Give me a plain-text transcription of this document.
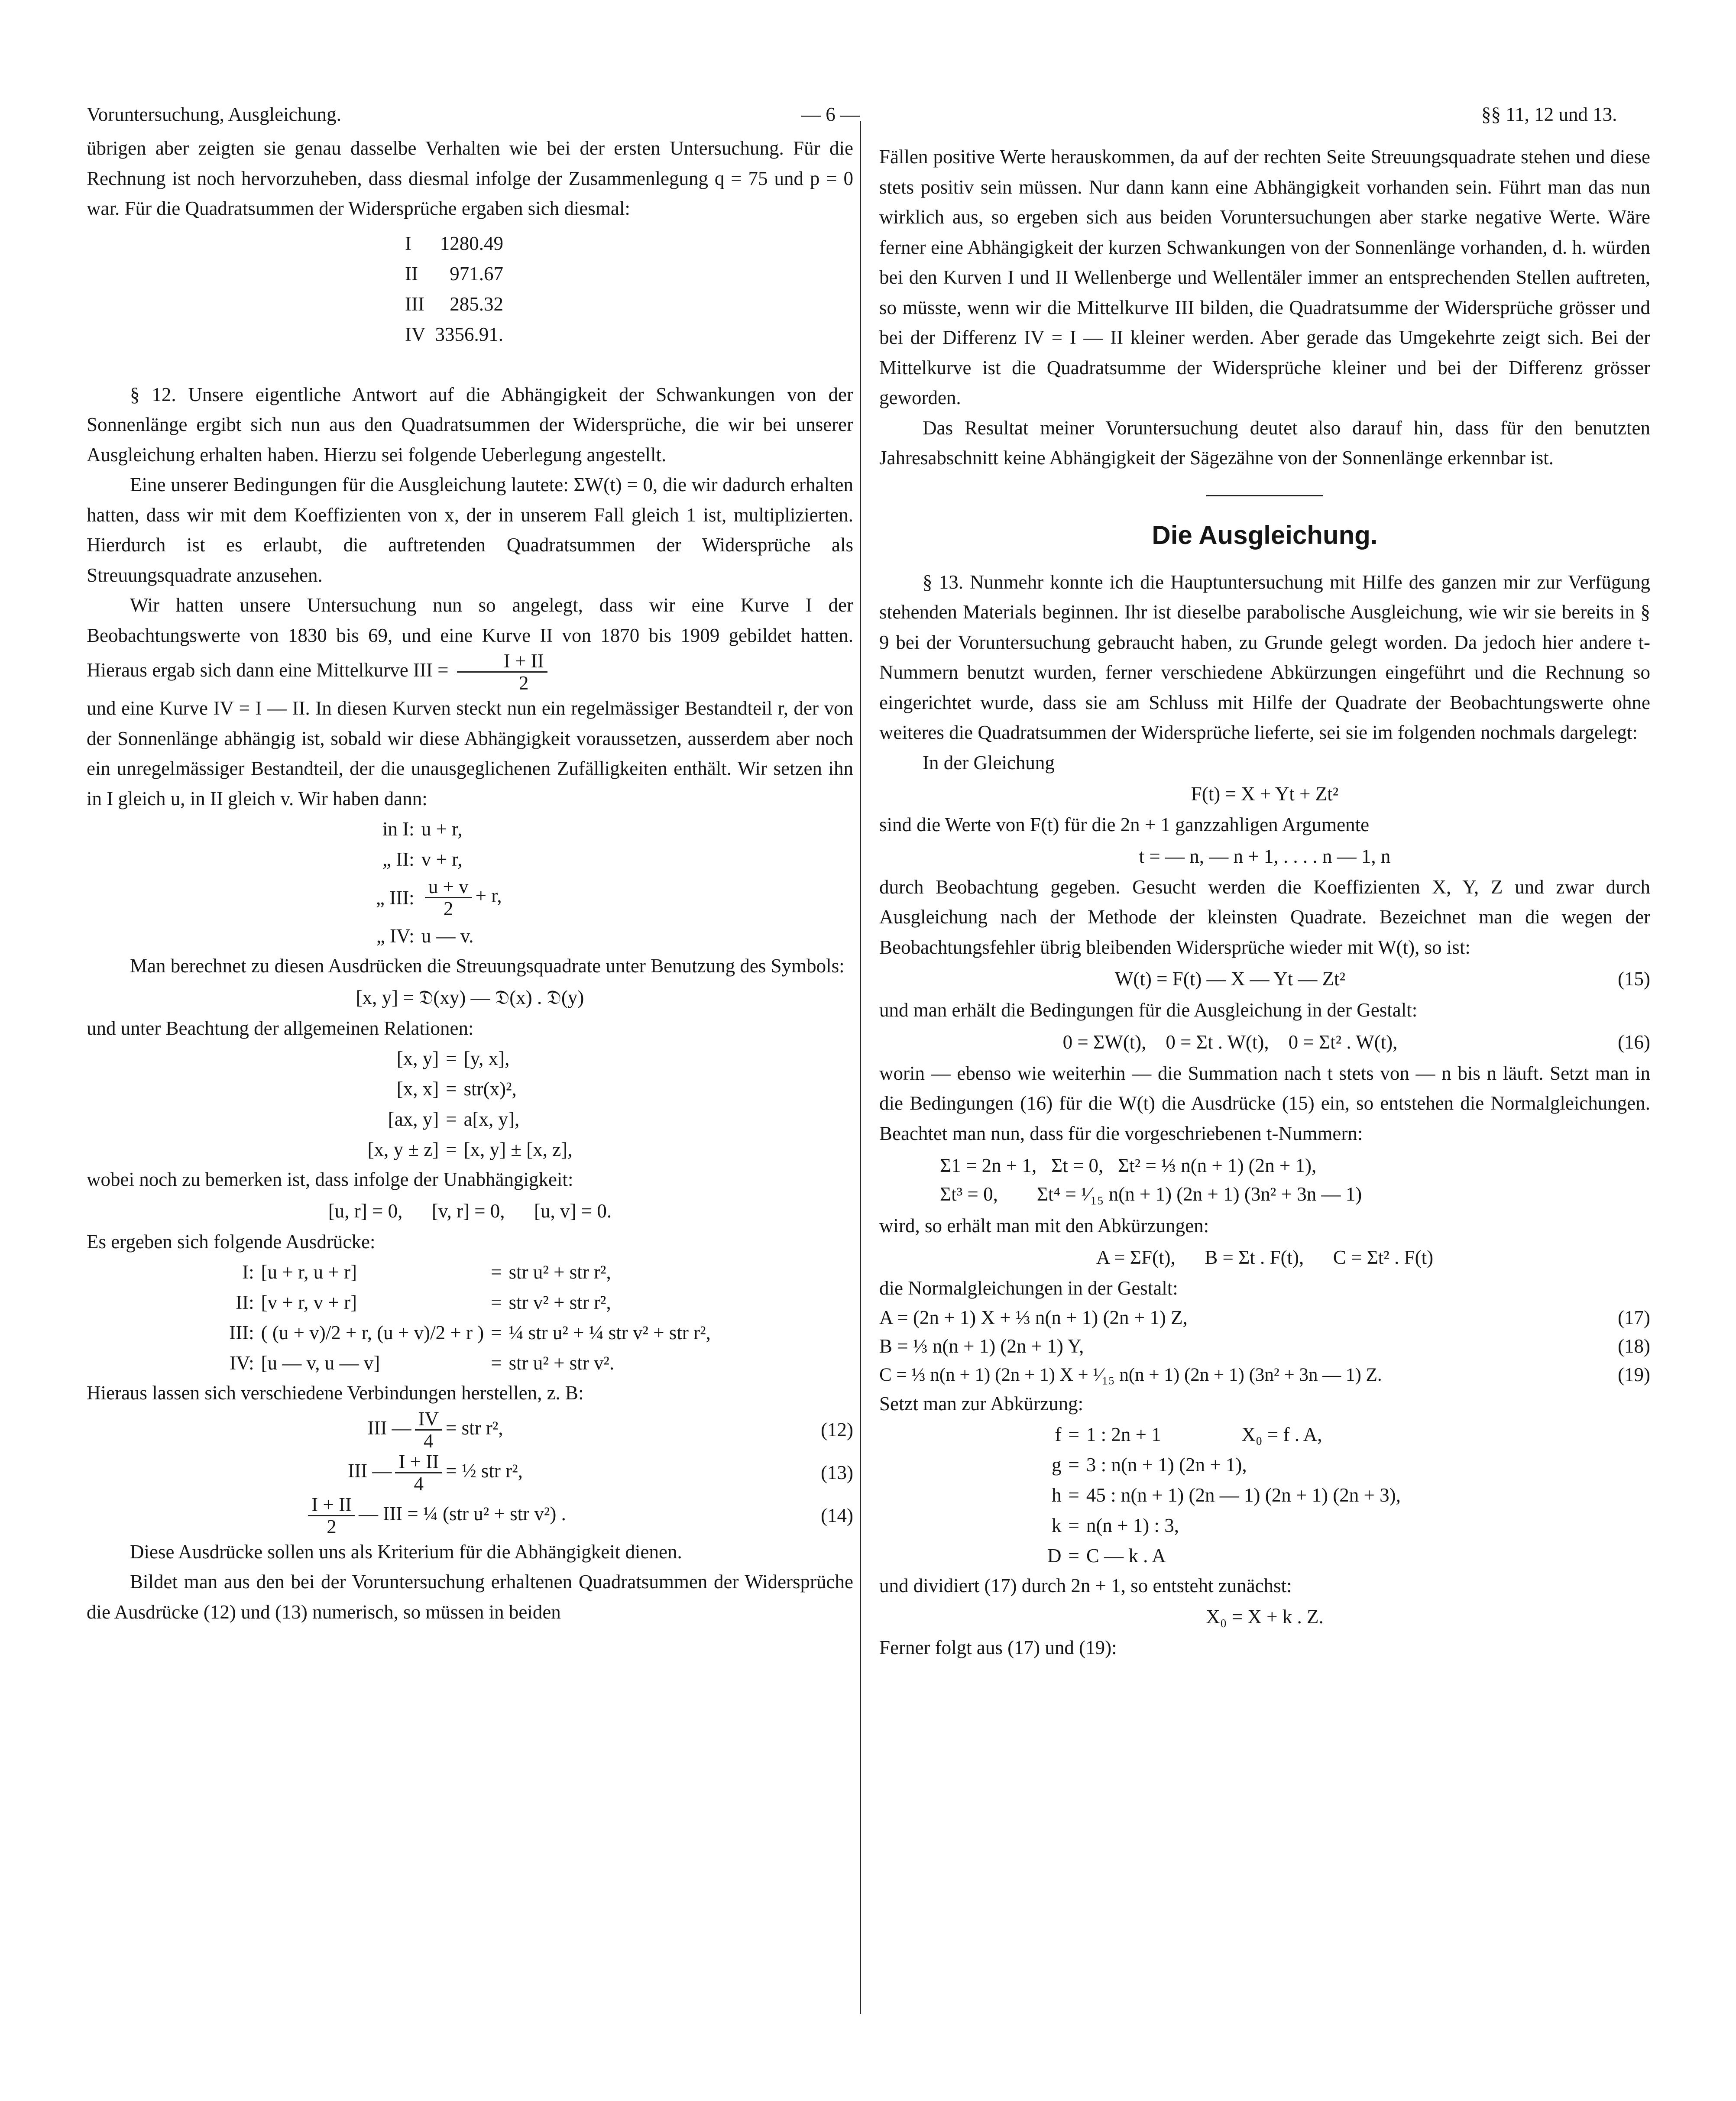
Voruntersuchung, Ausgleichung.	— 6 —	§§ 11, 12 und 13.

übrigen aber zeigten sie genau dasselbe Verhalten wie bei der ersten Untersuchung. Für die Rechnung ist noch hervorzuheben, dass diesmal infolge der Zusammenlegung q = 75 und p = 0 war. Für die Quadratsummen der Widersprüche ergaben sich diesmal:

I	1280.49
II	971.67
III	285.32
IV	3356.91.

§ 12. Unsere eigentliche Antwort auf die Abhängigkeit der Schwankungen von der Sonnenlänge ergibt sich nun aus den Quadratsummen der Widersprüche, die wir bei unserer Ausgleichung erhalten haben. Hierzu sei folgende Ueberlegung angestellt.

Eine unserer Bedingungen für die Ausgleichung lautete: ΣW(t) = 0, die wir dadurch erhalten hatten, dass wir mit dem Koeffizienten von x, der in unserem Fall gleich 1 ist, multiplizierten. Hierdurch ist es erlaubt, die auftretenden Quadratsummen der Widersprüche als Streuungsquadrate anzusehen.

Wir hatten unsere Untersuchung nun so angelegt, dass wir eine Kurve I der Beobachtungswerte von 1830 bis 69, und eine Kurve II von 1870 bis 1909 gebildet hatten. Hieraus ergab sich dann eine Mittelkurve III = $\frac{I + II}{2}$

und eine Kurve IV = I — II. In diesen Kurven steckt nun ein regelmässiger Bestandteil r, der von der Sonnenlänge abhängig ist, sobald wir diese Abhängigkeit voraussetzen, ausserdem aber noch ein unregelmässiger Bestandteil, der die unausgeglichenen Zufälligkeiten enthält. Wir setzen ihn in I gleich u, in II gleich v. Wir haben dann:

in I:	u + r,
„ II:	v + r,
„ III:	$\frac{u + v}{2} + r$,
„ IV:	u — v.

Man berechnet zu diesen Ausdrücken die Streuungsquadrate unter Benutzung des Symbols:

[x, y] = 𝔇(xy) — 𝔇(x) . 𝔇(y)

und unter Beachtung der allgemeinen Relationen:

[x, y]	=	[y, x],
[x, x]	=	str(x)²,
[ax, y]	=	a[x, y],
[x, y ± z]	=	[x, y] ± [x, z],

wobei noch zu bemerken ist, dass infolge der Unabhängigkeit:

[u, r] = 0,      [v, r] = 0,      [u, v] = 0.

Es ergeben sich folgende Ausdrücke:

I:	[u + r, u + r]	=	str u² + str r²,
II:	[v + r, v + r]	=	str v² + str r²,
III:	( (u + v)/2 + r, (u + v)/2 + r )	=	¼ str u² + ¼ str v² + str r²,
IV:	[u — v, u — v]	=	str u² + str v².

Hieraus lassen sich verschiedene Verbindungen herstellen, z. B:

III — $\frac{IV}{4}$ = str r²,	(12)
III — $\frac{I + II}{4}$ = ½ str r²,	(13)
$\frac{I + II}{2}$ — III = ¼ (str u² + str v²) .	(14)

Diese Ausdrücke sollen uns als Kriterium für die Abhängigkeit dienen.

Bildet man aus den bei der Voruntersuchung erhaltenen Quadratsummen der Widersprüche die Ausdrücke (12) und (13) numerisch, so müssen in beiden

Fällen positive Werte herauskommen, da auf der rechten Seite Streuungsquadrate stehen und diese stets positiv sein müssen. Nur dann kann eine Abhängigkeit vorhanden sein. Führt man das nun wirklich aus, so ergeben sich aus beiden Voruntersuchungen aber starke negative Werte. Wäre ferner eine Abhängigkeit der kurzen Schwankungen von der Sonnenlänge vorhanden, d. h. würden bei den Kurven I und II Wellenberge und Wellentäler immer an entsprechenden Stellen auftreten, so müsste, wenn wir die Mittelkurve III bilden, die Quadratsumme der Widersprüche grösser und bei der Differenz IV = I — II kleiner werden. Aber gerade das Umgekehrte zeigt sich. Bei der Mittelkurve ist die Quadratsumme der Widersprüche kleiner und bei der Differenz grösser geworden.

Das Resultat meiner Voruntersuchung deutet also darauf hin, dass für den benutzten Jahresabschnitt keine Abhängigkeit der Sägezähne von der Sonnenlänge erkennbar ist.

Die Ausgleichung.

§ 13. Nunmehr konnte ich die Hauptuntersuchung mit Hilfe des ganzen mir zur Verfügung stehenden Materials beginnen. Ihr ist dieselbe parabolische Ausgleichung, wie wir sie bereits in § 9 bei der Voruntersuchung gebraucht haben, zu Grunde gelegt worden. Da jedoch hier andere t-Nummern benutzt wurden, ferner verschiedene Abkürzungen eingeführt und die Rechnung so eingerichtet wurde, dass sie am Schluss mit Hilfe der Quadrate der Beobachtungswerte ohne weiteres die Quadratsummen der Widersprüche lieferte, sei sie im folgenden nochmals dargelegt:

In der Gleichung

F(t) = X + Yt + Zt²

sind die Werte von F(t) für die 2n + 1 ganzzahligen Argumente

t = — n, — n + 1, . . . . n — 1, n

durch Beobachtung gegeben. Gesucht werden die Koeffizienten X, Y, Z und zwar durch Ausgleichung nach der Methode der kleinsten Quadrate. Bezeichnet man die wegen der Beobachtungsfehler übrig bleibenden Widersprüche wieder mit W(t), so ist:

W(t) = F(t) — X — Yt — Zt²	(15)

und man erhält die Bedingungen für die Ausgleichung in der Gestalt:

0 = ΣW(t),    0 = Σt . W(t),    0 = Σt² . W(t),	(16)

worin — ebenso wie weiterhin — die Summation nach t stets von — n bis n läuft. Setzt man in die Bedingungen (16) für die W(t) die Ausdrücke (15) ein, so entstehen die Normalgleichungen. Beachtet man nun, dass für die vorgeschriebenen t-Nummern:

Σ1 = 2n + 1,   Σt = 0,   Σt² = ⅓ n(n + 1) (2n + 1),
Σt³ = 0,        Σt⁴ = ¹⁄₁₅ n(n + 1) (2n + 1) (3n² + 3n — 1)

wird, so erhält man mit den Abkürzungen:

A = ΣF(t),      B = Σt . F(t),      C = Σt² . F(t)

die Normalgleichungen in der Gestalt:

A = (2n + 1) X + ⅓ n(n + 1) (2n + 1) Z,	(17)
B = ⅓ n(n + 1) (2n + 1) Y,	(18)
C = ⅓ n(n + 1) (2n + 1) X + ¹⁄₁₅ n(n + 1) (2n + 1) (3n² + 3n — 1) Z.	(19)

Setzt man zur Abkürzung:

f	=	1 : 2n + 1	X₀ = f . A,
g	=	3 : n(n + 1) (2n + 1),	
h	=	45 : n(n + 1) (2n — 1) (2n + 1) (2n + 3),	
k	=	n(n + 1) : 3,	
D	=	C — k . A	

und dividiert (17) durch 2n + 1, so entsteht zunächst:

X₀ = X + k . Z.

Ferner folgt aus (17) und (19):
